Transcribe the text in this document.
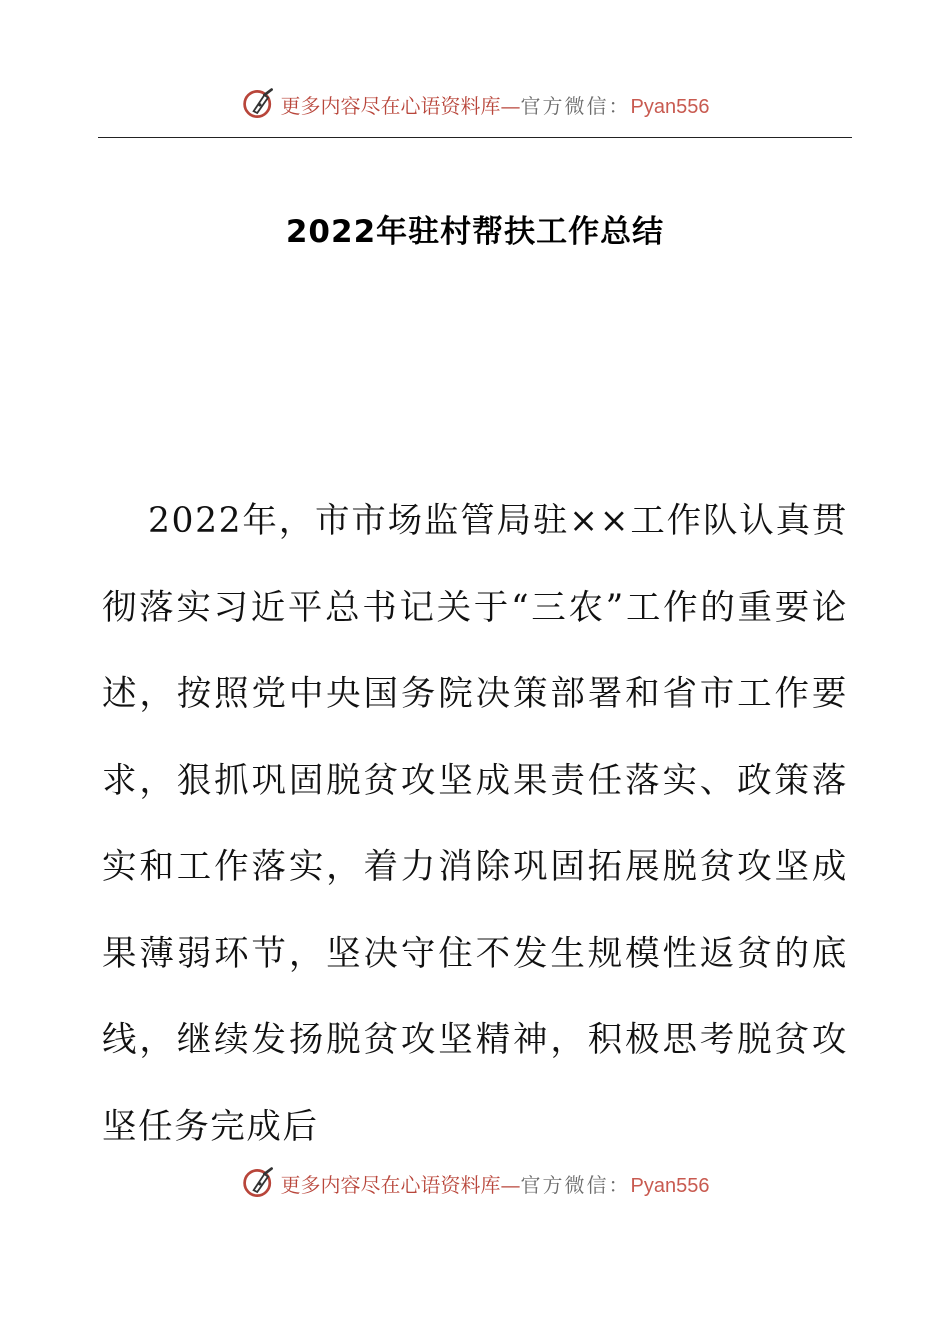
更多内容尽在心语资料库—官方微信：Pyan556
2022年驻村帮扶工作总结

2022年，市市场监管局驻××工作队认真贯彻落实习近平总书记关于“三农”工作的重要论述，按照党中央国务院决策部署和省市工作要求，狠抓巩固脱贫攻坚成果责任落实、政策落实和工作落实，着力消除巩固拓展脱贫攻坚成果薄弱环节，坚决守住不发生规模性返贫的底线，继续发扬脱贫攻坚精神，积极思考脱贫攻坚任务完成后

更多内容尽在心语资料库—官方微信：Pyan556
